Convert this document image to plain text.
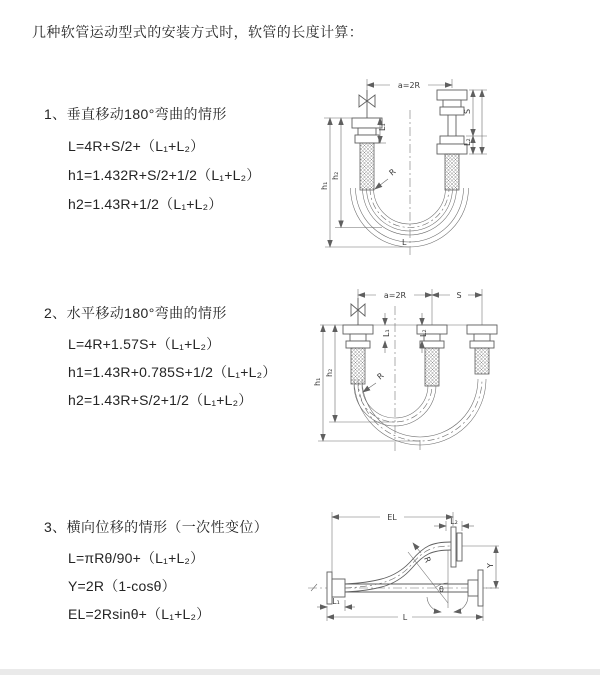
几种软管运动型式的安装方式时，软管的长度计算：
1、垂直移动180°弯曲的情形
L=4R+S/2+（L₁+L₂）
h1=1.432R+S/2+1/2（L₁+L₂）
h2=1.43R+1/2（L₁+L₂）
2、水平移动180°弯曲的情形
L=4R+1.57S+（L₁+L₂）
h1=1.43R+0.785S+1/2（L₁+L₂）
h2=1.43R+S/2+1/2（L₁+L₂）
3、横向位移的情形（一次性变位）
L=πRθ/90+（L₁+L₂）
Y=2R（1-cosθ）
EL=2Rsinθ+（L₁+L₂）
a=2R
R
h₁
h₂
L₁
S
L₂
L
a=2R	S
L₁	L₂
R
h₁
h₂
EL	L₂
Y
L
L₁
R
θ
